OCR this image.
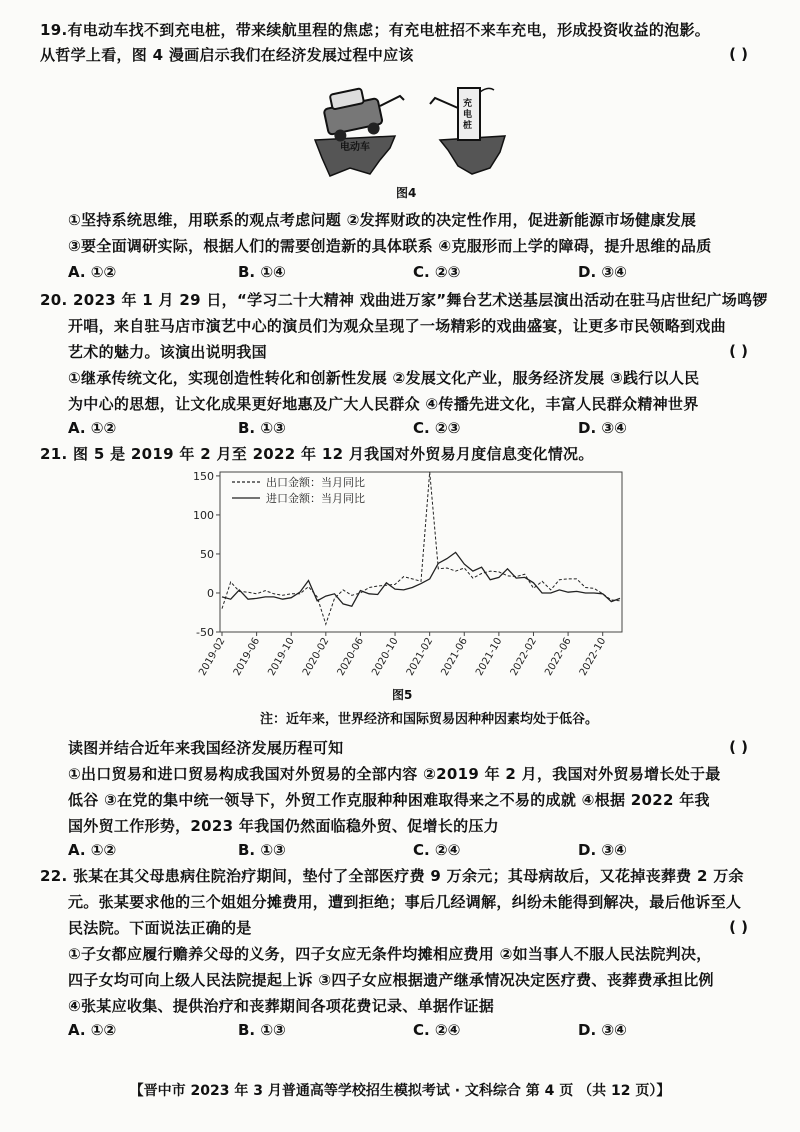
19.有电动车找不到充电桩，带来续航里程的焦虑；有充电桩招不来车充电，形成投资收益的泡影。
从哲学上看，图 4 漫画启示我们在经济发展过程中应该	( )
电动车
充 电 桩
图4
①坚持系统思维，用联系的观点考虑问题 ②发挥财政的决定性作用，促进新能源市场健康发展
③要全面调研实际，根据人们的需要创造新的具体联系 ④克服形而上学的障碍，提升思维的品质
A. ①②	B. ①④	C. ②③	D. ③④
20. 2023 年 1 月 29 日，“学习二十大精神 戏曲进万家”舞台艺术送基层演出活动在驻马店世纪广场鸣锣
开唱，来自驻马店市演艺中心的演员们为观众呈现了一场精彩的戏曲盛宴，让更多市民领略到戏曲
艺术的魅力。该演出说明我国	( )
①继承传统文化，实现创造性转化和创新性发展 ②发展文化产业，服务经济发展 ③践行以人民
为中心的思想，让文化成果更好地惠及广大人民群众 ④传播先进文化，丰富人民群众精神世界
A. ①②	B. ①③	C. ②③	D. ③④
21. 图 5 是 2019 年 2 月至 2022 年 12 月我国对外贸易月度信息变化情况。
-50
0
50
100
150
2019-02 2019-06 2019-10 2020-02 2020-06 2020-10 2021-02 2021-06 2021-10 2022-02 2022-06 2022-10
出口金额：当月同比
进口金额：当月同比
图5
注：近年来，世界经济和国际贸易因种种因素均处于低谷。
读图并结合近年来我国经济发展历程可知	( )
①出口贸易和进口贸易构成我国对外贸易的全部内容 ②2019 年 2 月，我国对外贸易增长处于最
低谷 ③在党的集中统一领导下，外贸工作克服种种困难取得来之不易的成就 ④根据 2022 年我
国外贸工作形势，2023 年我国仍然面临稳外贸、促增长的压力
A. ①②	B. ①③	C. ②④	D. ③④
22. 张某在其父母患病住院治疗期间，垫付了全部医疗费 9 万余元；其母病故后，又花掉丧葬费 2 万余
元。张某要求他的三个姐姐分摊费用，遭到拒绝；事后几经调解，纠纷未能得到解决，最后他诉至人
民法院。下面说法正确的是	( )
①子女都应履行赡养父母的义务，四子女应无条件均摊相应费用 ②如当事人不服人民法院判决，
四子女均可向上级人民法院提起上诉 ③四子女应根据遗产继承情况决定医疗费、丧葬费承担比例
④张某应收集、提供治疗和丧葬期间各项花费记录、单据作证据
A. ①②	B. ①③	C. ②④	D. ③④
【晋中市 2023 年 3 月普通高等学校招生模拟考试 · 文科综合 第 4 页 （共 12 页）】
